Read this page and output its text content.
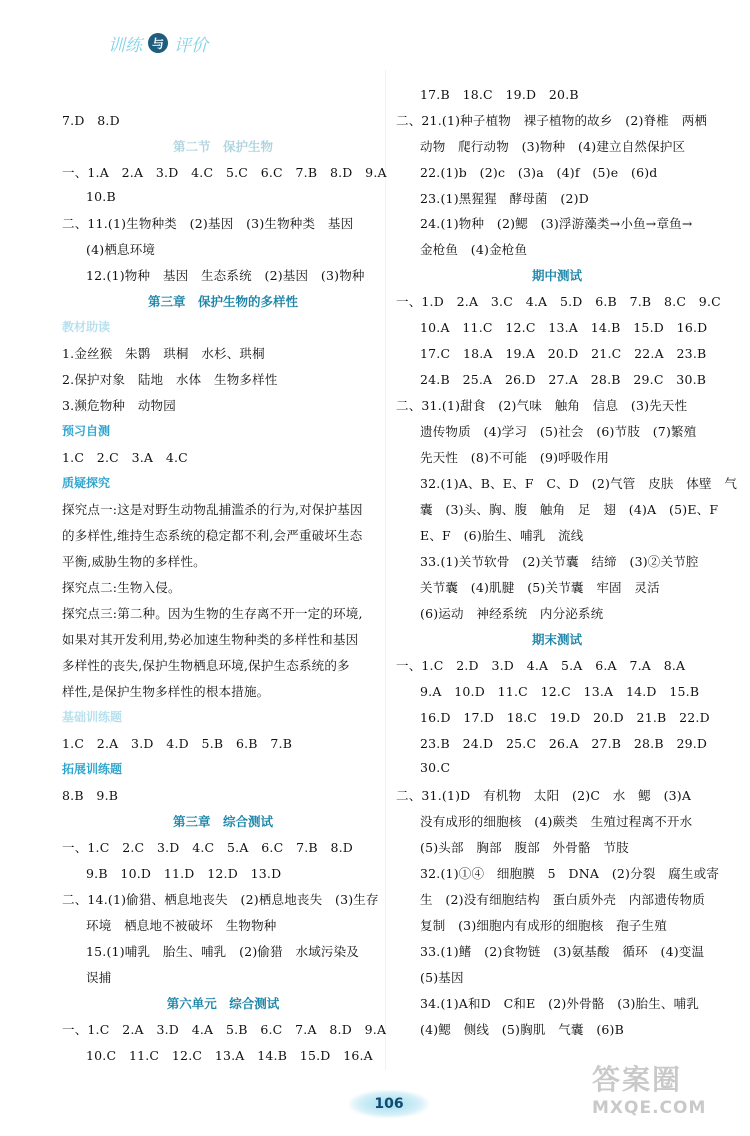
训练 与 评价
7.D　8.D
第二节　保护生物
一、1.A　2.A　3.D　4.C　5.C　6.C　7.B　8.D　9.A
10.B
二、11.(1)生物种类　(2)基因　(3)生物种类　基因
(4)栖息环境
12.(1)物种　基因　生态系统　(2)基因　(3)物种
第三章　保护生物的多样性
教材助读
1.金丝猴　朱鹮　珙桐　水杉、珙桐
2.保护对象　陆地　水体　生物多样性
3.濒危物种　动物园
预习自测
1.C　2.C　3.A　4.C
质疑探究
探究点一:这是对野生动物乱捕滥杀的行为,对保护基因
的多样性,维持生态系统的稳定都不利,会严重破坏生态
平衡,威胁生物的多样性。
探究点二:生物入侵。
探究点三:第二种。因为生物的生存离不开一定的环境,
如果对其开发利用,势必加速生物种类的多样性和基因
多样性的丧失,保护生物栖息环境,保护生态系统的多
样性,是保护生物多样性的根本措施。
基础训练题
1.C　2.A　3.D　4.D　5.B　6.B　7.B
拓展训练题
8.B　9.B
第三章　综合测试
一、1.C　2.C　3.D　4.C　5.A　6.C　7.B　8.D
9.B　10.D　11.D　12.D　13.D
二、14.(1)偷猎、栖息地丧失　(2)栖息地丧失　(3)生存
环境　栖息地不被破坏　生物物种
15.(1)哺乳　胎生、哺乳　(2)偷猎　水域污染及
误捕
第六单元　综合测试
一、1.C　2.A　3.D　4.A　5.B　6.C　7.A　8.D　9.A
10.C　11.C　12.C　13.A　14.B　15.D　16.A
17.B　18.C　19.D　20.B
二、21.(1)种子植物　裸子植物的故乡　(2)脊椎　两栖
动物　爬行动物　(3)物种　(4)建立自然保护区
22.(1)b　(2)c　(3)a　(4)f　(5)e　(6)d
23.(1)黑猩猩　酵母菌　(2)D
24.(1)物种　(2)鳃　(3)浮游藻类→小鱼→章鱼→
金枪鱼　(4)金枪鱼
期中测试
一、1.D　2.A　3.C　4.A　5.D　6.B　7.B　8.C　9.C
10.A　11.C　12.C　13.A　14.B　15.D　16.D
17.C　18.A　19.A　20.D　21.C　22.A　23.B
24.B　25.A　26.D　27.A　28.B　29.C　30.B
二、31.(1)甜食　(2)气味　触角　信息　(3)先天性
遗传物质　(4)学习　(5)社会　(6)节肢　(7)繁殖
先天性　(8)不可能　(9)呼吸作用
32.(1)A、B、E、F　C、D　(2)气管　皮肤　体壁　气
囊　(3)头、胸、腹　触角　足　翅　(4)A　(5)E、F
E、F　(6)胎生、哺乳　流线
33.(1)关节软骨　(2)关节囊　结缔　(3)②关节腔
关节囊　(4)肌腱　(5)关节囊　牢固　灵活
(6)运动　神经系统　内分泌系统
期末测试
一、1.C　2.D　3.D　4.A　5.A　6.A　7.A　8.A
9.A　10.D　11.C　12.C　13.A　14.D　15.B
16.D　17.D　18.C　19.D　20.D　21.B　22.D
23.B　24.D　25.C　26.A　27.B　28.B　29.D
30.C
二、31.(1)D　有机物　太阳　(2)C　水　鳃　(3)A
没有成形的细胞核　(4)蕨类　生殖过程离不开水
(5)头部　胸部　腹部　外骨骼　节肢
32.(1)①④　细胞膜　5　DNA　(2)分裂　腐生或寄
生　(2)没有细胞结构　蛋白质外壳　内部遗传物质
复制　(3)细胞内有成形的细胞核　孢子生殖
33.(1)鳍　(2)食物链　(3)氨基酸　循环　(4)变温
(5)基因
34.(1)A和D　C和E　(2)外骨骼　(3)胎生、哺乳
(4)鳃　侧线　(5)胸肌　气囊　(6)B
106
答案圈
MXQE.COM
